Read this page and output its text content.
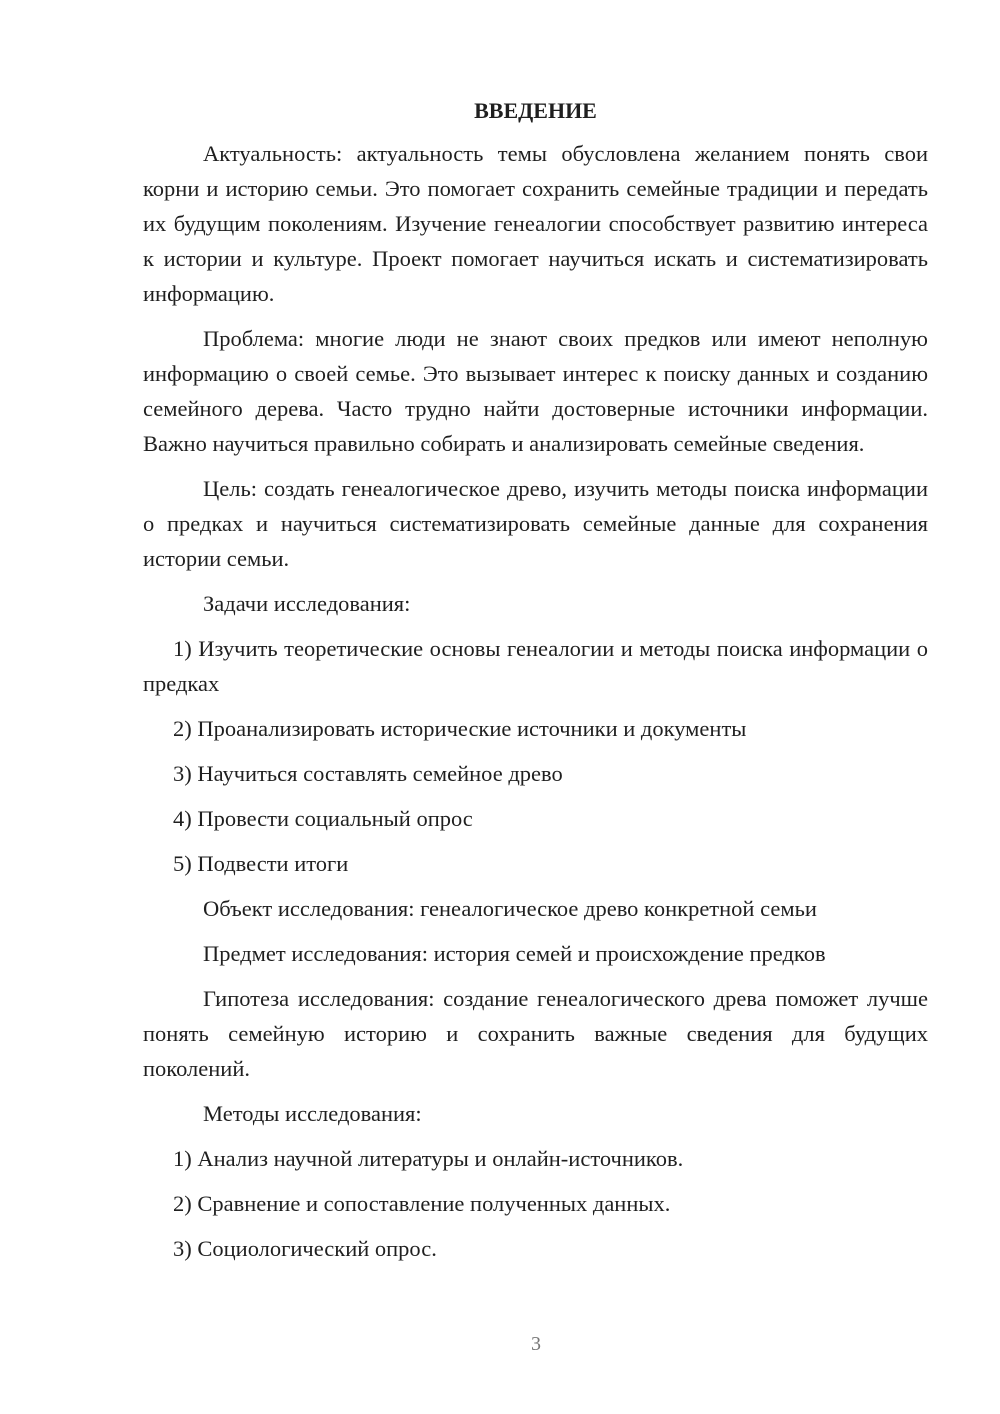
ВВЕДЕНИЕ

Актуальность: актуальность темы обусловлена желанием понять свои корни и историю семьи. Это помогает сохранить семейные традиции и передать их будущим поколениям. Изучение генеалогии способствует развитию интереса к истории и культуре. Проект помогает научиться искать и систематизировать информацию.

Проблема: многие люди не знают своих предков или имеют неполную информацию о своей семье. Это вызывает интерес к поиску данных и созданию семейного дерева. Часто трудно найти достоверные источники информации. Важно научиться правильно собирать и анализировать семейные сведения.

Цель: создать генеалогическое древо, изучить методы поиска информации о предках и научиться систематизировать семейные данные для сохранения истории семьи.

Задачи исследования:

1) Изучить теоретические основы генеалогии и методы поиска информации о предках

2) Проанализировать исторические источники и документы

3) Научиться составлять семейное древо

4) Провести социальный опрос

5) Подвести итоги

Объект исследования: генеалогическое древо конкретной семьи

Предмет исследования: история семей и происхождение предков

Гипотеза исследования: создание генеалогического древа поможет лучше понять семейную историю и сохранить важные сведения для будущих поколений.

Методы исследования:

1) Анализ научной литературы и онлайн-источников.

2) Сравнение и сопоставление полученных данных.

3) Социологический опрос.

3
